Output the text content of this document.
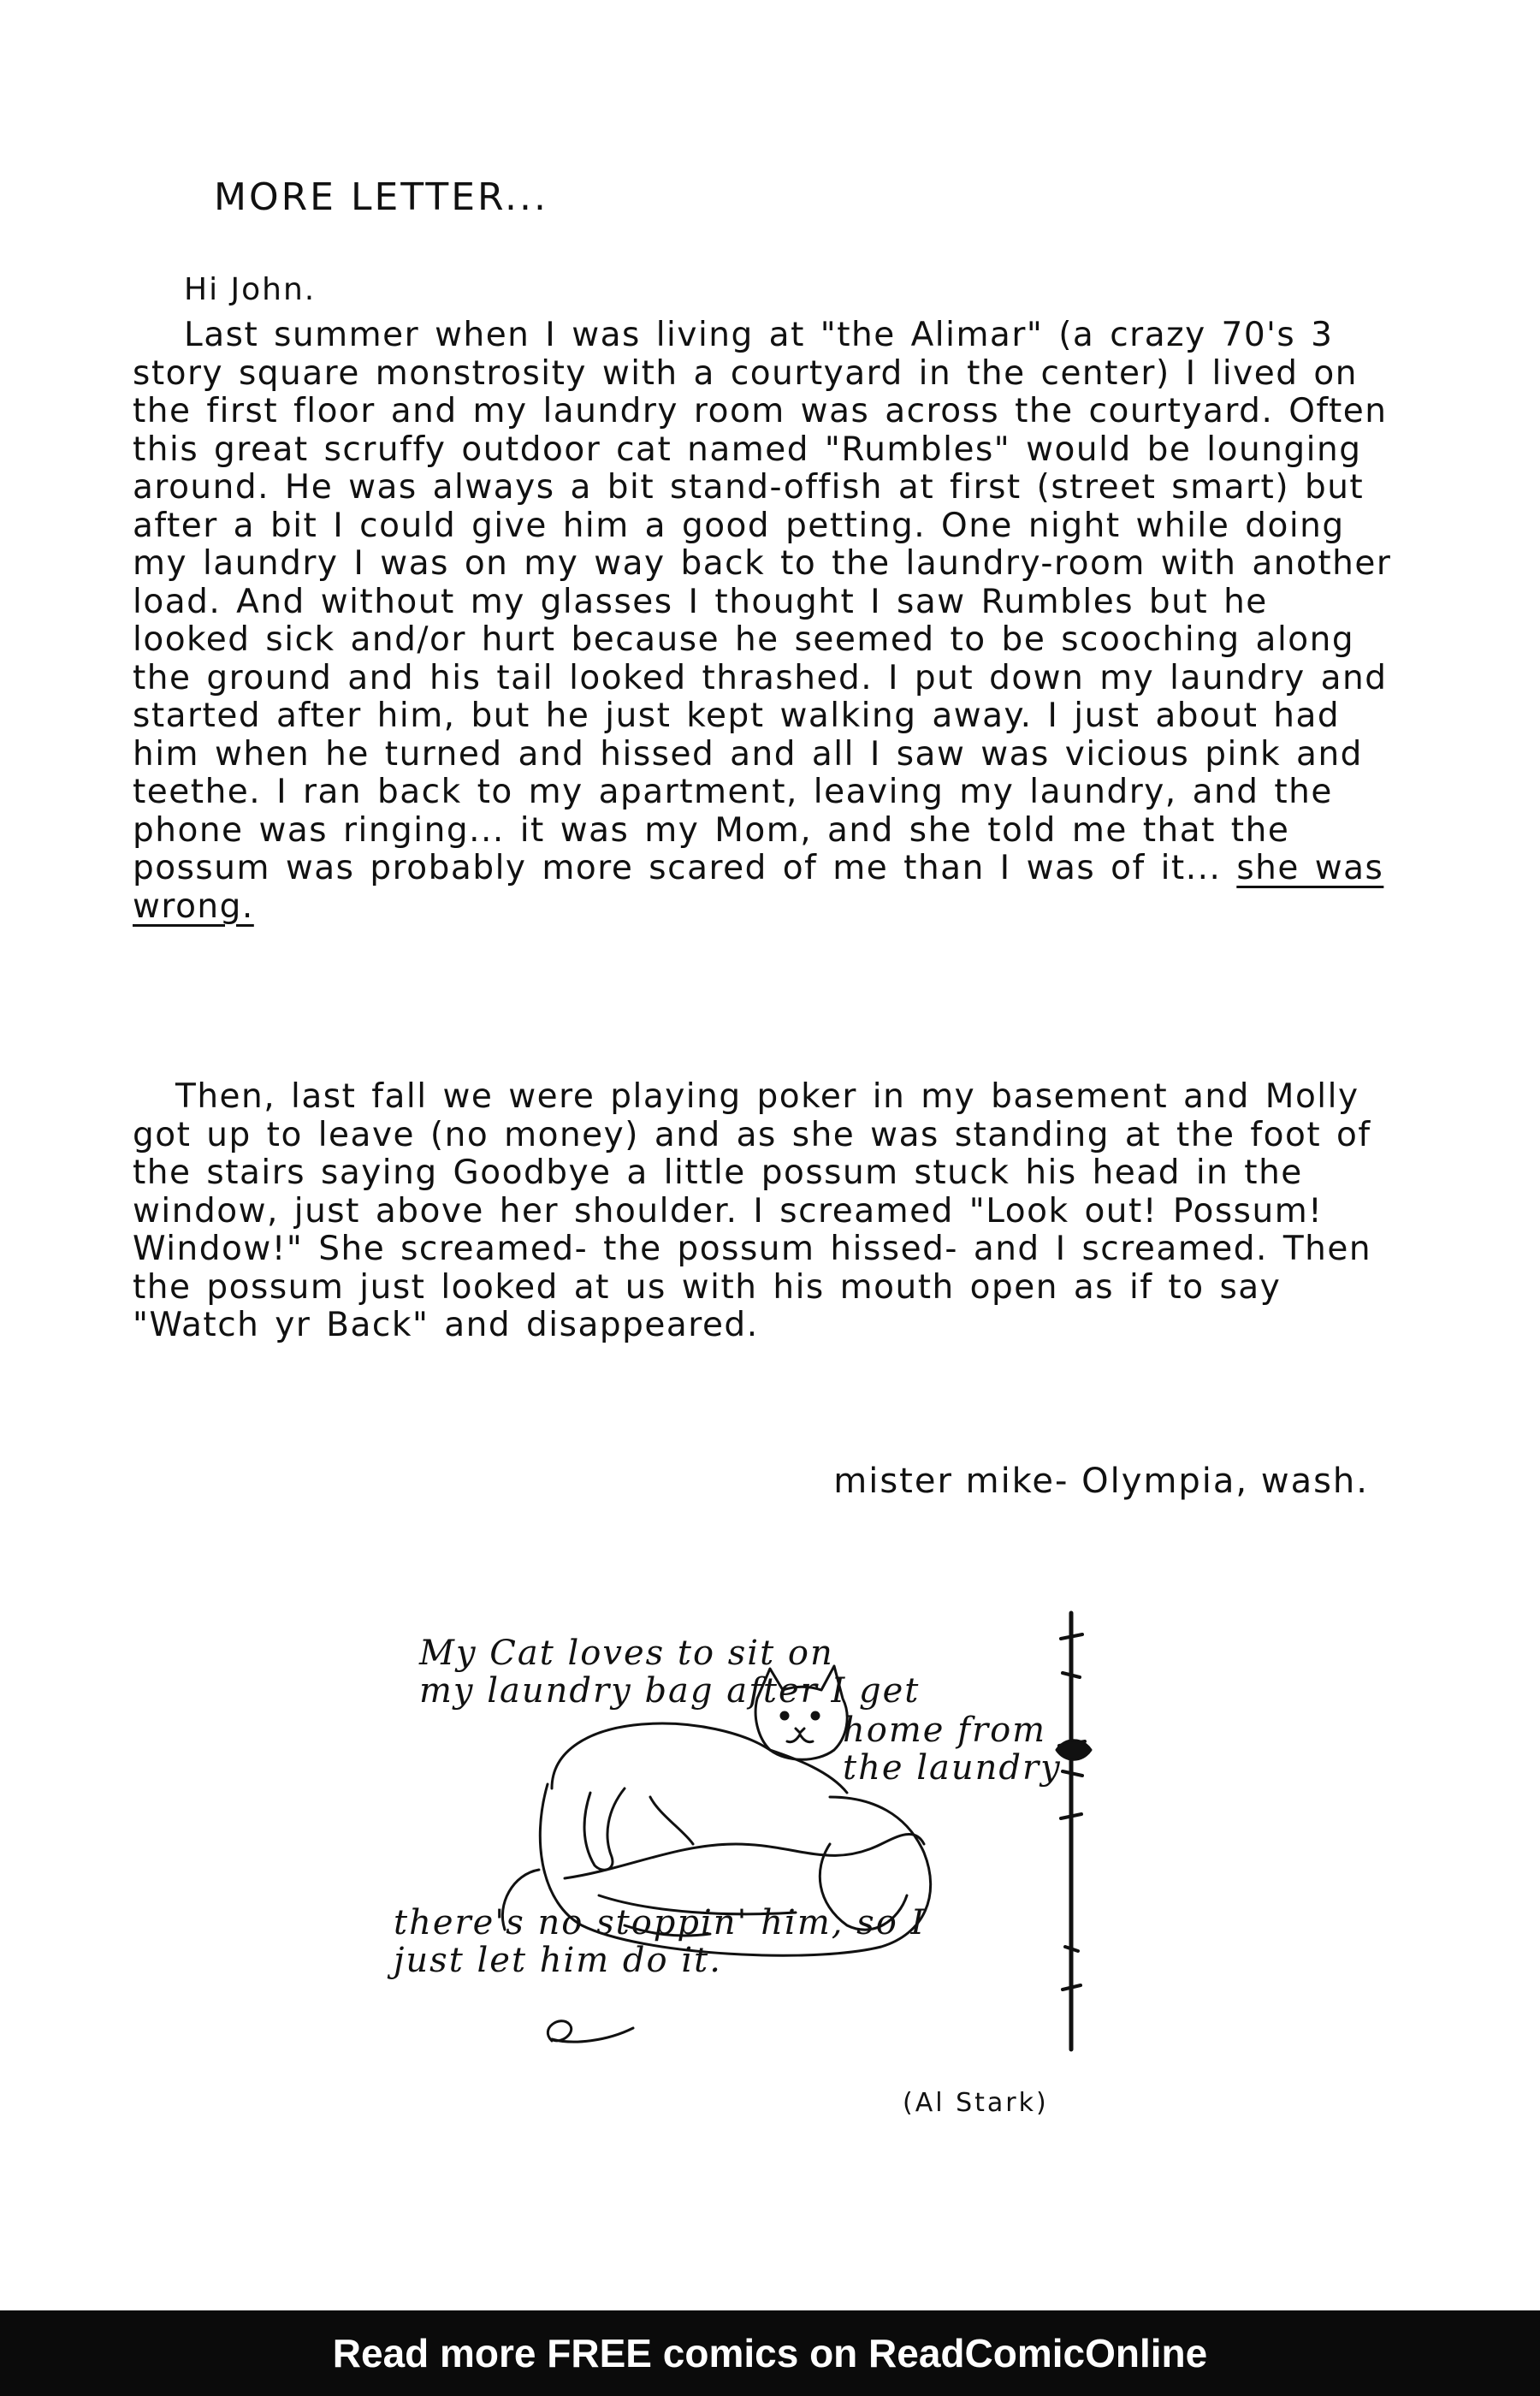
MORE LETTER...
Hi John.
Last summer when I was living at "the Alimar" (a crazy 70's 3 story square monstrosity with a courtyard in the center) I lived on the first floor and my laundry room was across the courtyard. Often this great scruffy outdoor cat named "Rumbles" would be lounging around. He was always a bit stand-offish at first (street smart) but after a bit I could give him a good petting. One night while doing my laundry I was on my way back to the laundry-room with another load. And without my glasses I thought I saw Rumbles but he looked sick and/or hurt because he seemed to be scooching along the ground and his tail looked thrashed. I put down my laundry and started after him, but he just kept walking away. I just about had him when he turned and hissed and all I saw was vicious pink and teethe. I ran back to my apartment, leaving my laundry, and the phone was ringing... it was my Mom, and she told me that the possum was probably more scared of me than I was of it... she was wrong.
Then, last fall we were playing poker in my basement and Molly got up to leave (no money) and as she was standing at the foot of the stairs saying Goodbye a little possum stuck his head in the window, just above her shoulder. I screamed "Look out! Possum! Window!" She screamed- the possum hissed- and I screamed. Then the possum just looked at us with his mouth open as if to say "Watch yr Back" and disappeared.
mister mike- Olympia, wash.
My Cat loves to sit on
my laundry bag after I get
home from
the laundry
there's no stoppin' him, so I
just let him do it.
(Al Stark)
Read more FREE comics on ReadComicOnline
